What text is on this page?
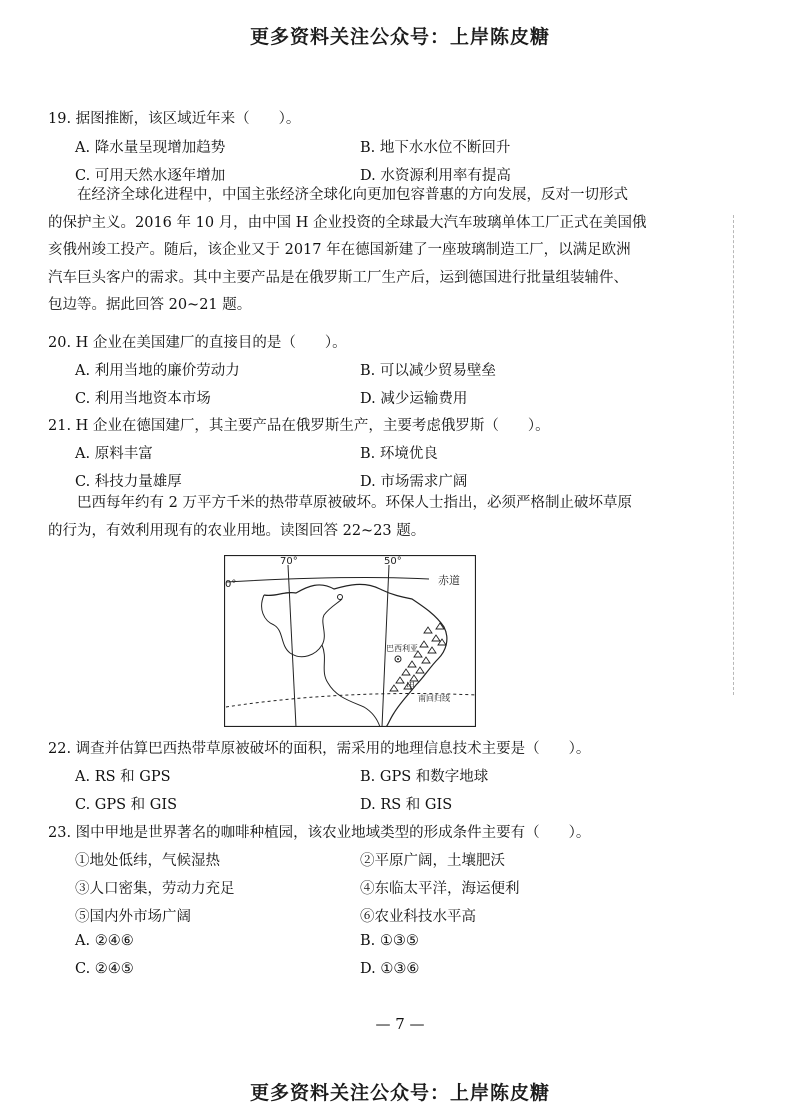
更多资料关注公众号：上岸陈皮糖
19. 据图推断，该区域近年来（　　）。
A. 降水量呈现增加趋势	B. 地下水水位不断回升
C. 可用天然水逐年增加	D. 水资源利用率有提高
在经济全球化进程中，中国主张经济全球化向更加包容普惠的方向发展，反对一切形式
的保护主义。2016 年 10 月，由中国 H 企业投资的全球最大汽车玻璃单体工厂正式在美国俄
亥俄州竣工投产。随后，该企业又于 2017 年在德国新建了一座玻璃制造工厂，以满足欧洲
汽车巨头客户的需求。其中主要产品是在俄罗斯工厂生产后，运到德国进行批量组装辅件、
包边等。据此回答 20~21 题。
20. H 企业在美国建厂的直接目的是（　　）。
A. 利用当地的廉价劳动力	B. 可以减少贸易壁垒
C. 利用当地资本市场	D. 减少运输费用
21. H 企业在德国建厂，其主要产品在俄罗斯生产，主要考虑俄罗斯（　　）。
A. 原料丰富	B. 环境优良
C. 科技力量雄厚	D. 市场需求广阔
巴西每年约有 2 万平方千米的热带草原被破坏。环保人士指出，必须严格制止破坏草原
的行为，有效利用现有的农业用地。读图回答 22~23 题。
70°	50°
0°	赤道
巴西利亚
甲
南回归线
22. 调查并估算巴西热带草原被破坏的面积，需采用的地理信息技术主要是（　　）。
A. RS 和 GPS	B. GPS 和数字地球
C. GPS 和 GIS	D. RS 和 GIS
23. 图中甲地是世界著名的咖啡种植园，该农业地域类型的形成条件主要有（　　）。
①地处低纬，气候湿热	②平原广阔，土壤肥沃
③人口密集，劳动力充足	④东临太平洋，海运便利
⑤国内外市场广阔	⑥农业科技水平高
A. ②④⑥	B. ①③⑤
C. ②④⑤	D. ①③⑥
— 7 —
更多资料关注公众号：上岸陈皮糖
